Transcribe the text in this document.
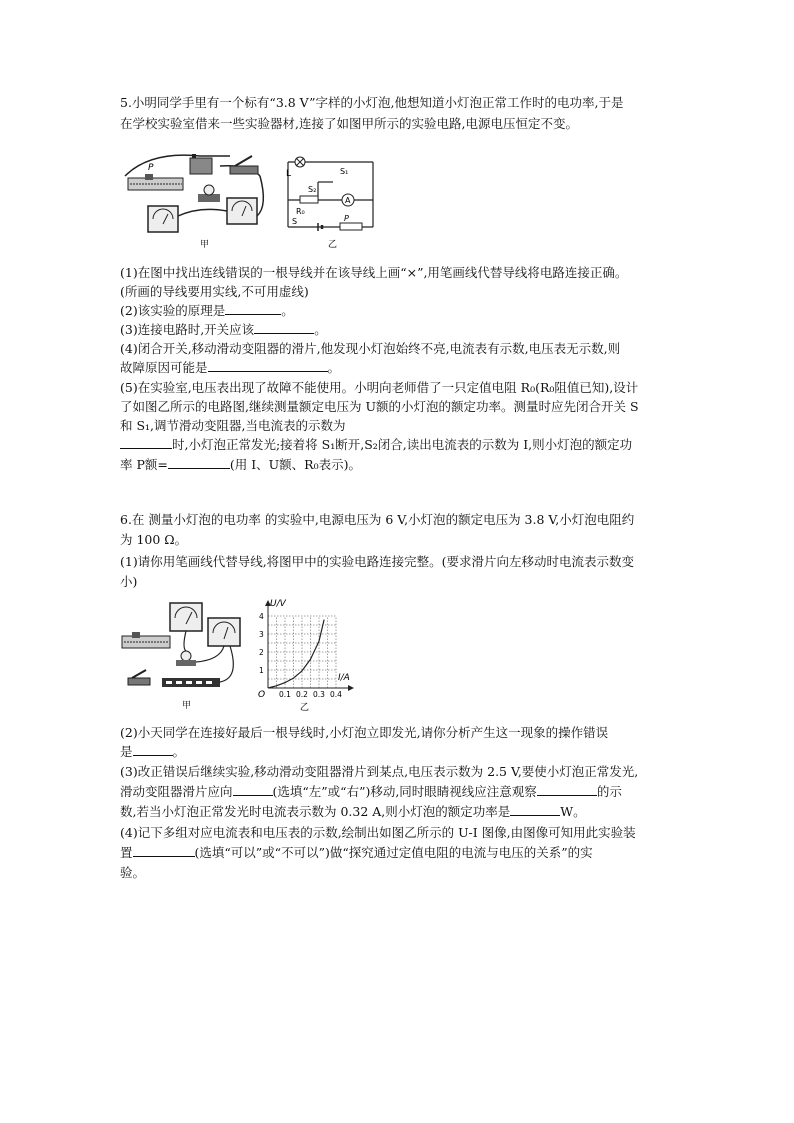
5.小明同学手里有一个标有“3.8 V”字样的小灯泡,他想知道小灯泡正常工作时的电功率,于是
在学校实验室借来一些实验器材,连接了如图甲所示的实验电路,电源电压恒定不变。
P
甲
L
S₂
S₁
R₀
A
S	P
乙
(1)在图中找出连线错误的一根导线并在该导线上画“×”,用笔画线代替导线将电路连接正确。
(所画的导线要用实线,不可用虚线)
(2)该实验的原理是	。
(3)连接电路时,开关应该	。
(4)闭合开关,移动滑动变阻器的滑片,他发现小灯泡始终不亮,电流表有示数,电压表无示数,则
故障原因可能是	。
(5)在实验室,电压表出现了故障不能使用。小明向老师借了一只定值电阻 R₀(R₀阻值已知),设计
了如图乙所示的电路图,继续测量额定电压为 U额的小灯泡的额定功率。测量时应先闭合开关 S
和 S₁,调节滑动变阻器,当电流表的示数为
时,小灯泡正常发光;接着将 S₁断开,S₂闭合,读出电流表的示数为 I,则小灯泡的额定功
率 P额=	(用 I、U额、R₀表示)。
6.在 测量小灯泡的电功率 的实验中,电源电压为 6 V,小灯泡的额定电压为 3.8 V,小灯泡电阻约
为 100 Ω。
(1)请你用笔画线代替导线,将图甲中的实验电路连接完整。(要求滑片向左移动时电流表示数变
小)
甲
U/V
I/A
O 0.1 0.2 0.3 0.4
1
2
3
4
乙
(2)小天同学在连接好最后一根导线时,小灯泡立即发光,请你分析产生这一现象的操作错误
是	。
(3)改正错误后继续实验,移动滑动变阻器滑片到某点,电压表示数为 2.5 V,要使小灯泡正常发光,
滑动变阻器滑片应向	(选填“左”或“右”)移动,同时眼睛视线应注意观察	的示
数,若当小灯泡正常发光时电流表示数为 0.32 A,则小灯泡的额定功率是	W。
(4)记下多组对应电流表和电压表的示数,绘制出如图乙所示的 U-I 图像,由图像可知用此实验装
置	(选填“可以”或“不可以”)做“探究通过定值电阻的电流与电压的关系”的实
验。
